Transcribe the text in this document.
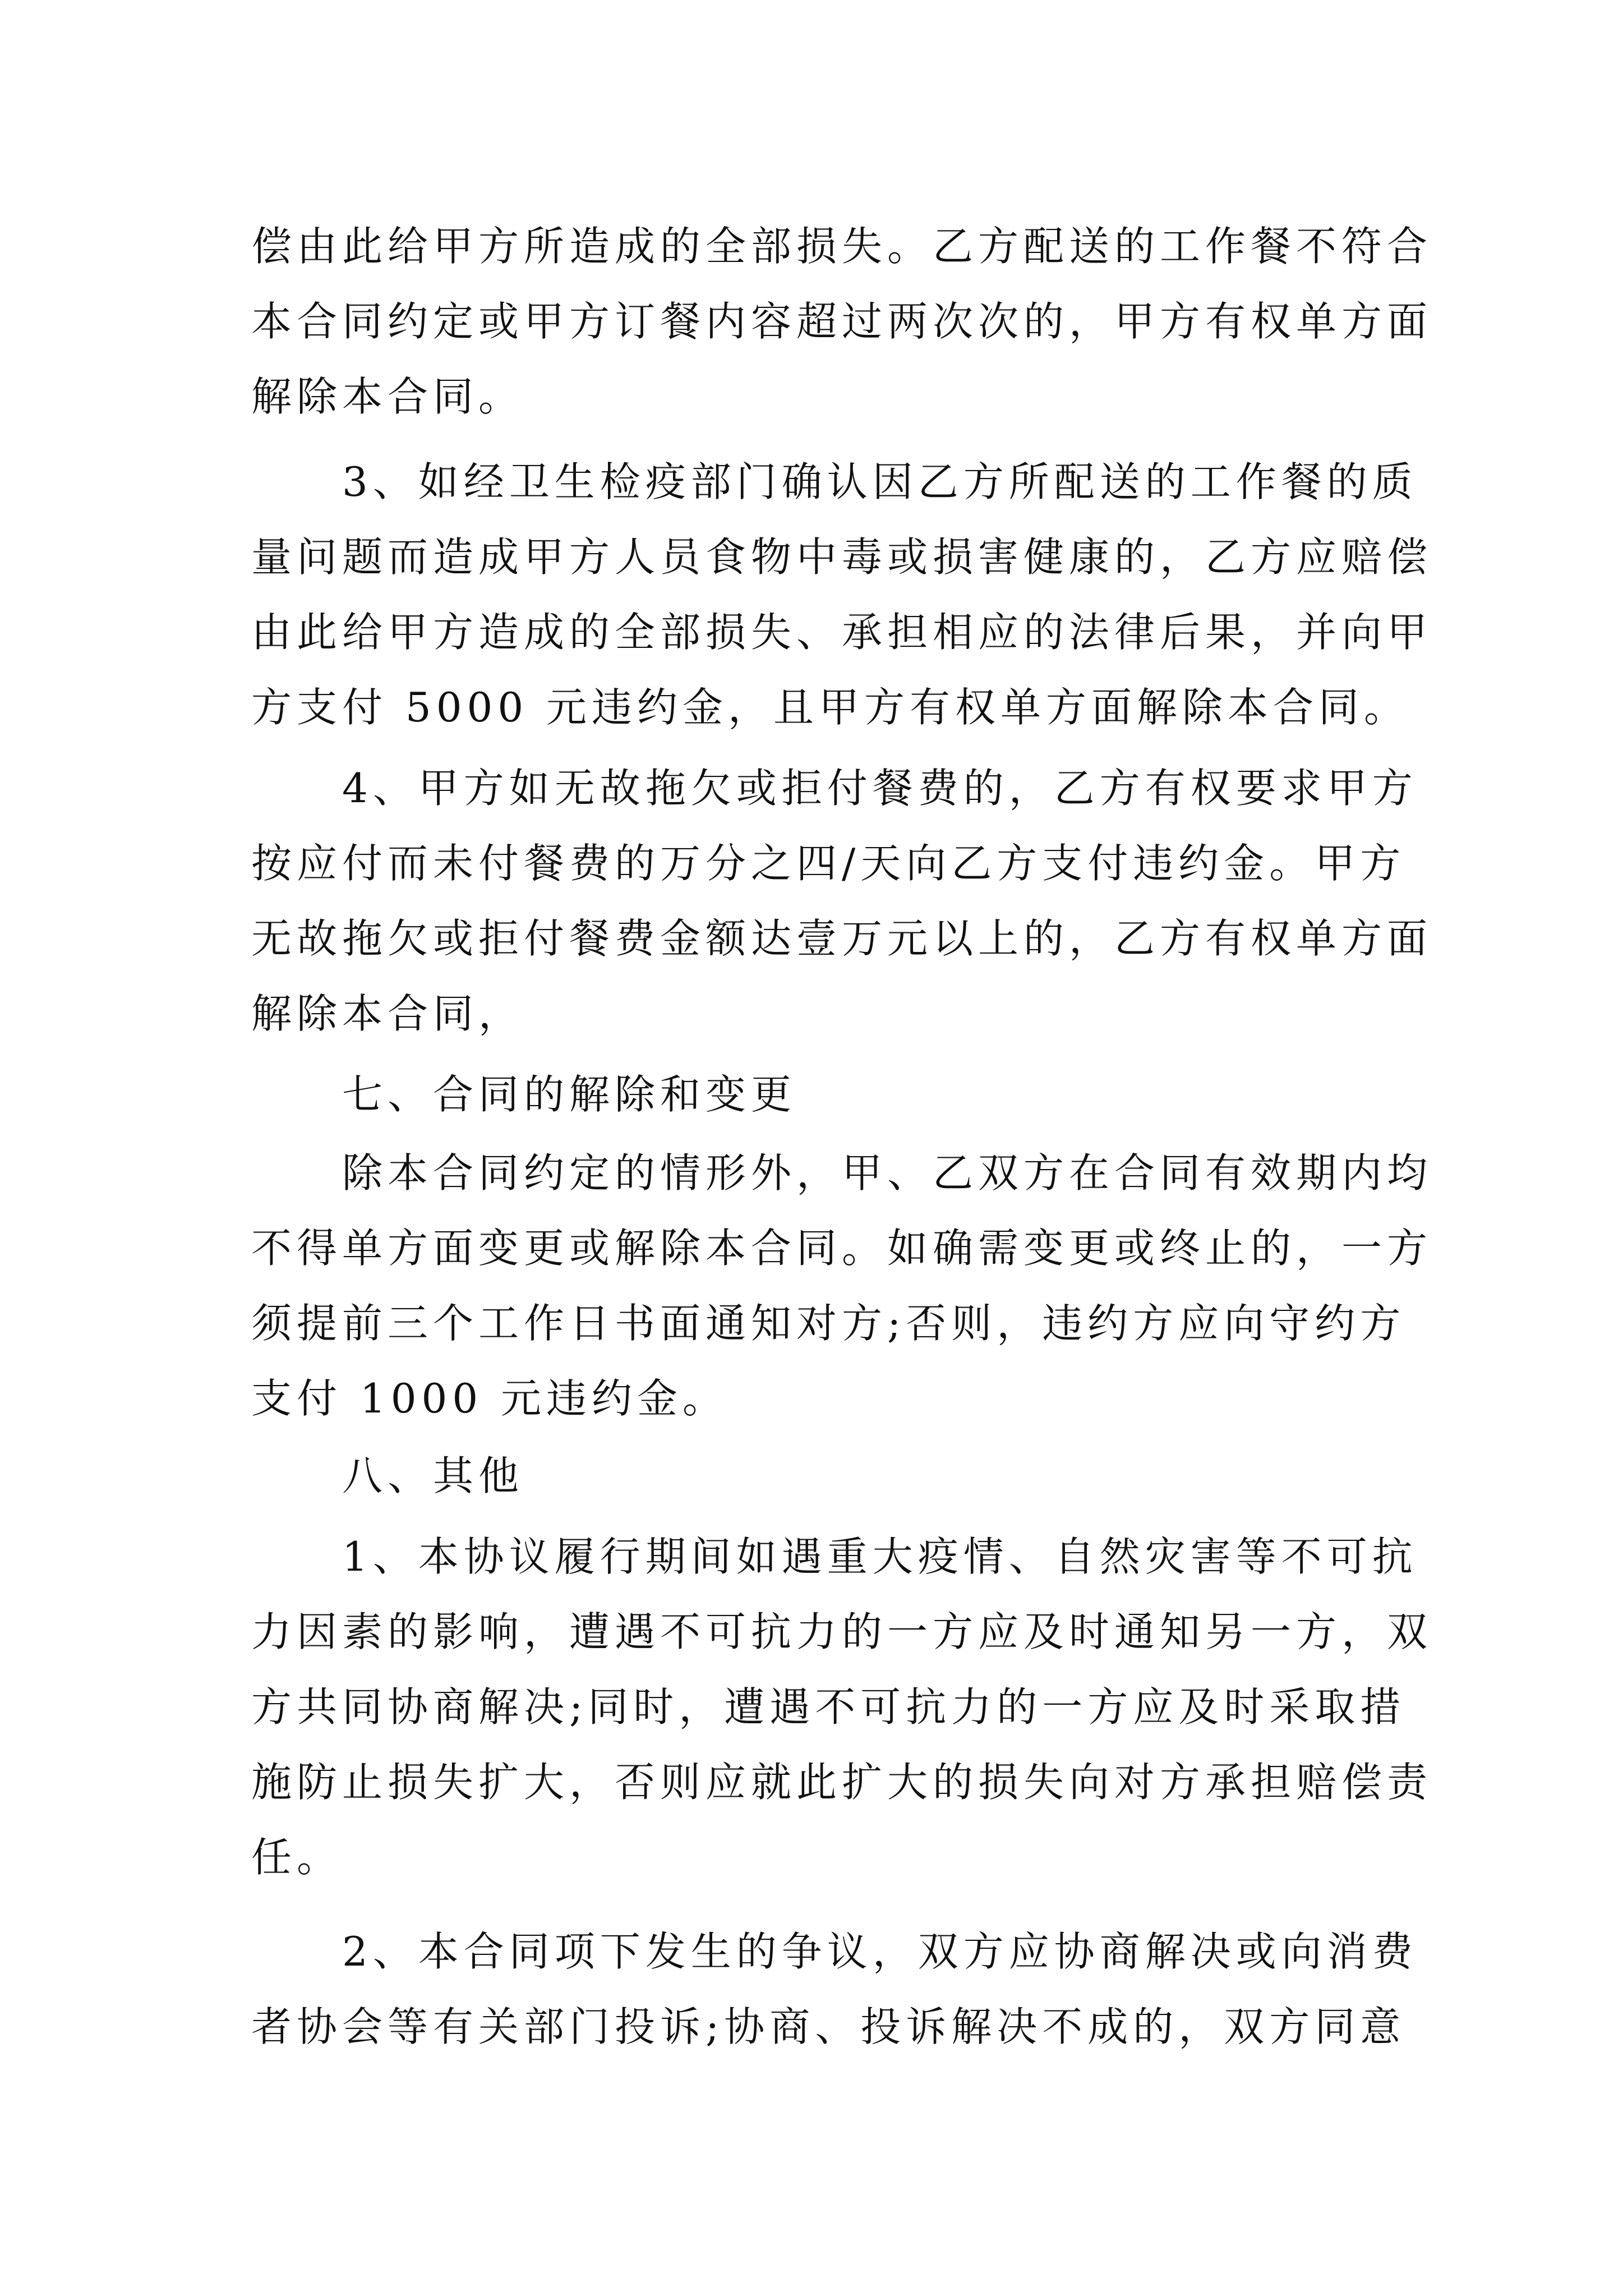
偿由此给甲方所造成的全部损失。乙方配送的工作餐不符合
本合同约定或甲方订餐内容超过两次次的，甲方有权单方面
解除本合同。
3、如经卫生检疫部门确认因乙方所配送的工作餐的质
量问题而造成甲方人员食物中毒或损害健康的，乙方应赔偿
由此给甲方造成的全部损失、承担相应的法律后果，并向甲
方支付 5000 元违约金，且甲方有权单方面解除本合同。
4、甲方如无故拖欠或拒付餐费的，乙方有权要求甲方
按应付而未付餐费的万分之四/天向乙方支付违约金。甲方
无故拖欠或拒付餐费金额达壹万元以上的，乙方有权单方面
解除本合同，
七、合同的解除和变更
除本合同约定的情形外，甲、乙双方在合同有效期内均
不得单方面变更或解除本合同。如确需变更或终止的，一方
须提前三个工作日书面通知对方;否则，违约方应向守约方
支付 1000 元违约金。
八、其他
1、本协议履行期间如遇重大疫情、自然灾害等不可抗
力因素的影响，遭遇不可抗力的一方应及时通知另一方，双
方共同协商解决;同时，遭遇不可抗力的一方应及时采取措
施防止损失扩大，否则应就此扩大的损失向对方承担赔偿责
任。
2、本合同项下发生的争议，双方应协商解决或向消费
者协会等有关部门投诉;协商、投诉解决不成的，双方同意
